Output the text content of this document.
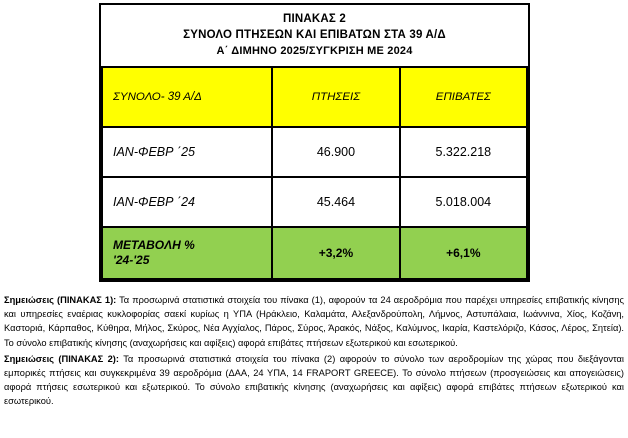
ΠΙΝΑΚΑΣ 2
ΣΥΝΟΛΟ ΠΤΗΣΕΩΝ ΚΑΙ ΕΠΙΒΑΤΩΝ ΣΤΑ 39 Α/Δ
Α΄ ΔΙΜΗΝΟ 2025/ΣΥΓΚΡΙΣΗ ΜΕ 2024
ΣΥΝΟΛΟ- 39 Α/Δ	ΠΤΗΣΕΙΣ	ΕΠΙΒΑΤΕΣ
ΙΑΝ-ΦΕΒΡ ΄25	46.900	5.322.218
ΙΑΝ-ΦΕΒΡ ΄24	45.464	5.018.004

ΜΕΤΑΒΟΛΗ %
'24-'25	+3,2%	+6,1%

Σημειώσεις (ΠΙΝΑΚΑΣ 1): Τα προσωρινά στατιστικά στοιχεία του πίνακα (1), αφορούν τα 24 αεροδρόμια που παρέχει υπηρεσίες επιβατικής κίνησης και υπηρεσίες εναέριας κυκλοφορίας σαεκί κυρίως η ΥΠΑ (Ηράκλειο, Καλαμάτα, Αλεξανδρούπολη, Λήμνος, Αστυπάλαια, Ιωάννινα, Χίος, Κοζάνη, Καστοριά, Κάρπαθος, Κύθηρα, Μήλος, Σκύρος, Νέα Αγχίαλος, Πάρος, Σύρος, Άρακός, Νάξος, Καλύμνος, Ικαρία, Καστελόριζο, Κάσος, Λέρος, Σητεία). Το σύνολο επιβατικής κίνησης (αναχωρήσεις και αφίξεις) αφορά επιβάτες πτήσεων εξωτερικού και εσωτερικού.

Σημειώσεις (ΠΙΝΑΚΑΣ 2): Τα προσωρινά στατιστικά στοιχεία του πίνακα (2) αφορούν το σύνολο των αεροδρομίων της χώρας που διεξάγονται εμπορικές πτήσεις και συγκεκριμένα 39 αεροδρόμια (ΔΑΑ, 24 ΥΠΑ, 14 FRAPORT GREECE). Το σύνολο πτήσεων (προσγειώσεις και απογειώσεις) αφορά πτήσεις εσωτερικού και εξωτερικού. Το σύνολο επιβατικής κίνησης (αναχωρήσεις και αφίξεις) αφορά επιβάτες πτήσεων εξωτερικού και εσωτερικού.
